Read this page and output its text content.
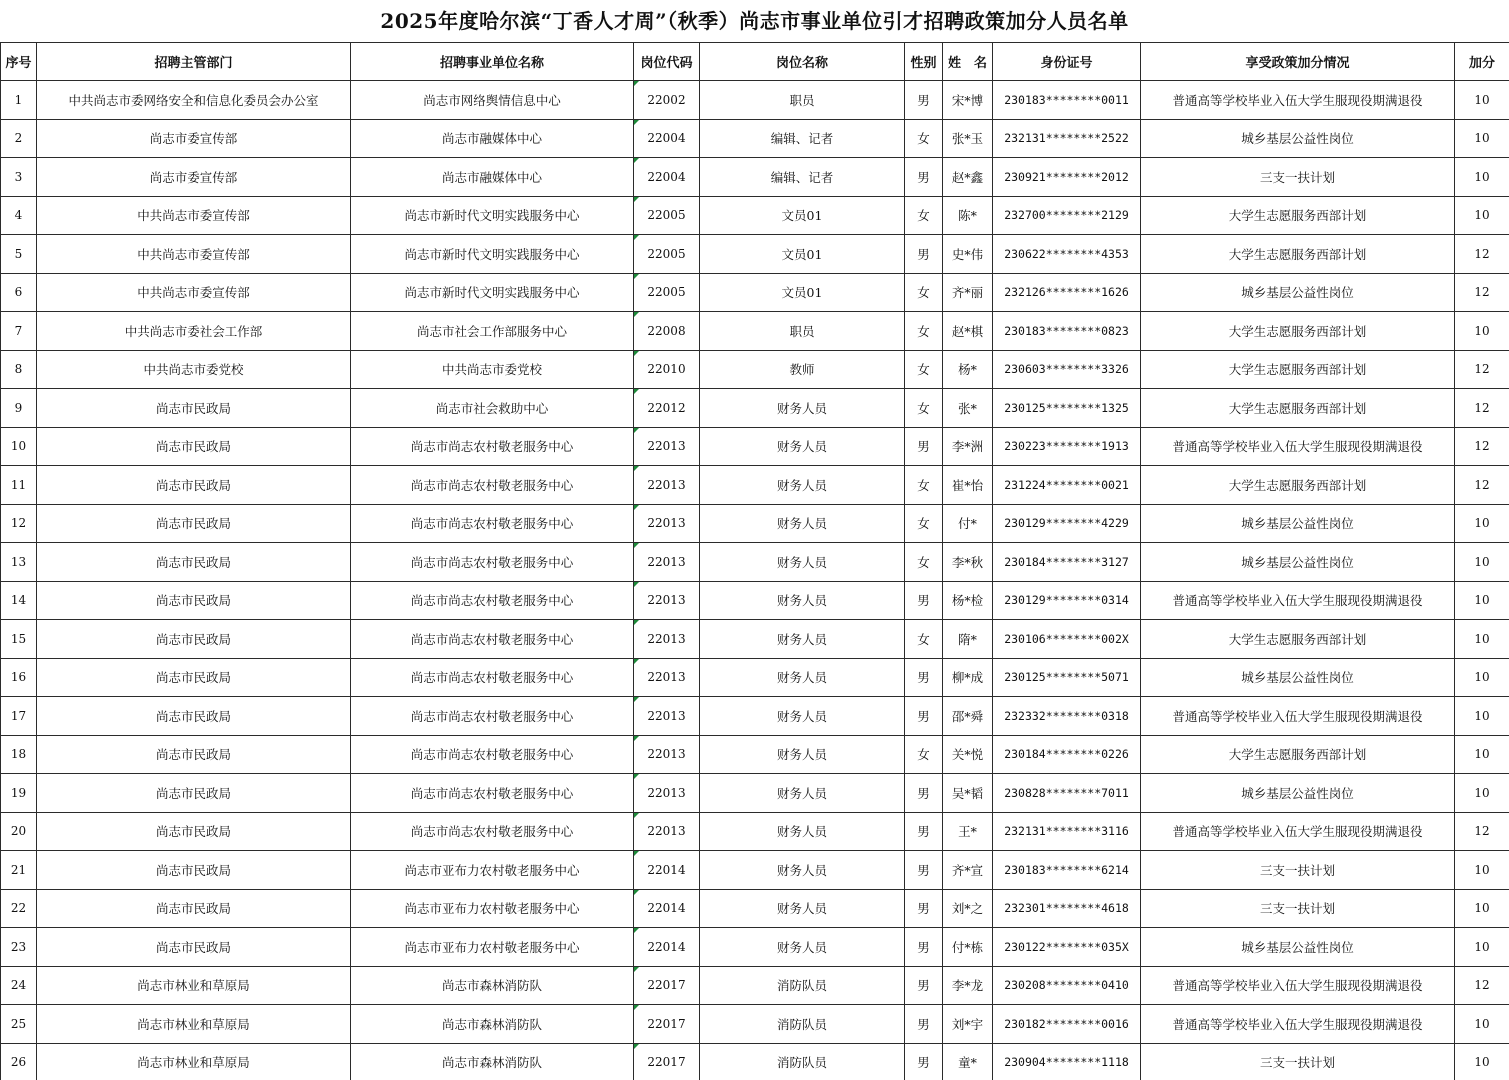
2025年度哈尔滨“丁香人才周”（秋季）尚志市事业单位引才招聘政策加分人员名单
序号	招聘主管部门	招聘事业单位名称	岗位代码	岗位名称	性别	姓　名	身份证号	享受政策加分情况	加分
1	中共尚志市委网络安全和信息化委员会办公室	尚志市网络舆情信息中心	22002	职员	男	宋*博	230183********0011	普通高等学校毕业入伍大学生服现役期满退役	10
2	尚志市委宣传部	尚志市融媒体中心	22004	编辑、记者	女	张*玉	232131********2522	城乡基层公益性岗位	10
3	尚志市委宣传部	尚志市融媒体中心	22004	编辑、记者	男	赵*鑫	230921********2012	三支一扶计划	10
4	中共尚志市委宣传部	尚志市新时代文明实践服务中心	22005	文员01	女	陈*	232700********2129	大学生志愿服务西部计划	10
5	中共尚志市委宣传部	尚志市新时代文明实践服务中心	22005	文员01	男	史*伟	230622********4353	大学生志愿服务西部计划	12
6	中共尚志市委宣传部	尚志市新时代文明实践服务中心	22005	文员01	女	齐*丽	232126********1626	城乡基层公益性岗位	12
7	中共尚志市委社会工作部	尚志市社会工作部服务中心	22008	职员	女	赵*棋	230183********0823	大学生志愿服务西部计划	10
8	中共尚志市委党校	中共尚志市委党校	22010	教师	女	杨*	230603********3326	大学生志愿服务西部计划	12
9	尚志市民政局	尚志市社会救助中心	22012	财务人员	女	张*	230125********1325	大学生志愿服务西部计划	12
10	尚志市民政局	尚志市尚志农村敬老服务中心	22013	财务人员	男	李*洲	230223********1913	普通高等学校毕业入伍大学生服现役期满退役	12
11	尚志市民政局	尚志市尚志农村敬老服务中心	22013	财务人员	女	崔*怡	231224********0021	大学生志愿服务西部计划	12
12	尚志市民政局	尚志市尚志农村敬老服务中心	22013	财务人员	女	付*	230129********4229	城乡基层公益性岗位	10
13	尚志市民政局	尚志市尚志农村敬老服务中心	22013	财务人员	女	李*秋	230184********3127	城乡基层公益性岗位	10
14	尚志市民政局	尚志市尚志农村敬老服务中心	22013	财务人员	男	杨*检	230129********0314	普通高等学校毕业入伍大学生服现役期满退役	10
15	尚志市民政局	尚志市尚志农村敬老服务中心	22013	财务人员	女	隋*	230106********002X	大学生志愿服务西部计划	10
16	尚志市民政局	尚志市尚志农村敬老服务中心	22013	财务人员	男	柳*成	230125********5071	城乡基层公益性岗位	10
17	尚志市民政局	尚志市尚志农村敬老服务中心	22013	财务人员	男	邵*舜	232332********0318	普通高等学校毕业入伍大学生服现役期满退役	10
18	尚志市民政局	尚志市尚志农村敬老服务中心	22013	财务人员	女	关*悦	230184********0226	大学生志愿服务西部计划	10
19	尚志市民政局	尚志市尚志农村敬老服务中心	22013	财务人员	男	吴*韬	230828********7011	城乡基层公益性岗位	10
20	尚志市民政局	尚志市尚志农村敬老服务中心	22013	财务人员	男	王*	232131********3116	普通高等学校毕业入伍大学生服现役期满退役	12
21	尚志市民政局	尚志市亚布力农村敬老服务中心	22014	财务人员	男	齐*宣	230183********6214	三支一扶计划	10
22	尚志市民政局	尚志市亚布力农村敬老服务中心	22014	财务人员	男	刘*之	232301********4618	三支一扶计划	10
23	尚志市民政局	尚志市亚布力农村敬老服务中心	22014	财务人员	男	付*栋	230122********035X	城乡基层公益性岗位	10
24	尚志市林业和草原局	尚志市森林消防队	22017	消防队员	男	李*龙	230208********0410	普通高等学校毕业入伍大学生服现役期满退役	12
25	尚志市林业和草原局	尚志市森林消防队	22017	消防队员	男	刘*宇	230182********0016	普通高等学校毕业入伍大学生服现役期满退役	10
26	尚志市林业和草原局	尚志市森林消防队	22017	消防队员	男	童*	230904********1118	三支一扶计划	10
